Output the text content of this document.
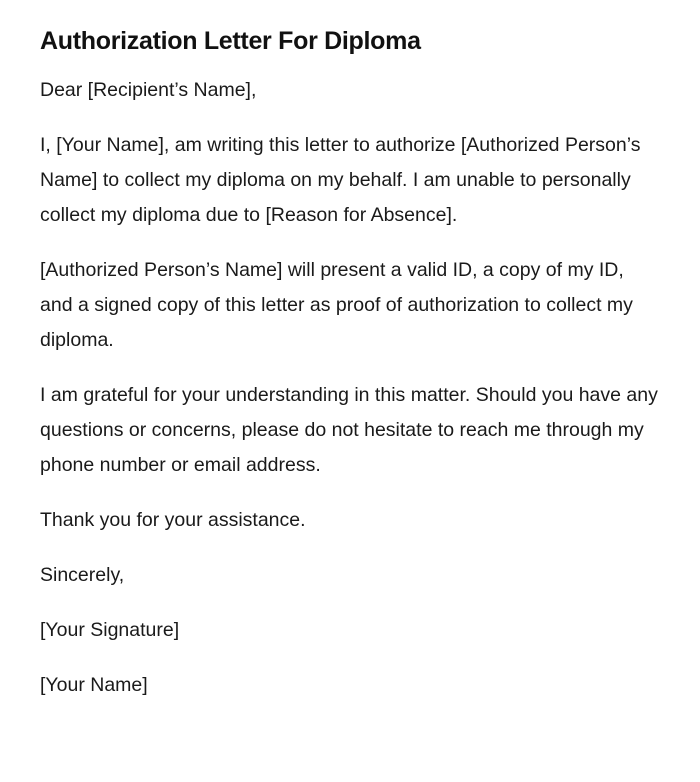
Authorization Letter For Diploma

Dear [Recipient’s Name],

I, [Your Name], am writing this letter to authorize [Authorized Person’s Name] to collect my diploma on my behalf. I am unable to personally collect my diploma due to [Reason for Absence].

[Authorized Person’s Name] will present a valid ID, a copy of my ID, and a signed copy of this letter as proof of authorization to collect my diploma.

I am grateful for your understanding in this matter. Should you have any questions or concerns, please do not hesitate to reach me through my phone number or email address.

Thank you for your assistance.

Sincerely,

[Your Signature]

[Your Name]
